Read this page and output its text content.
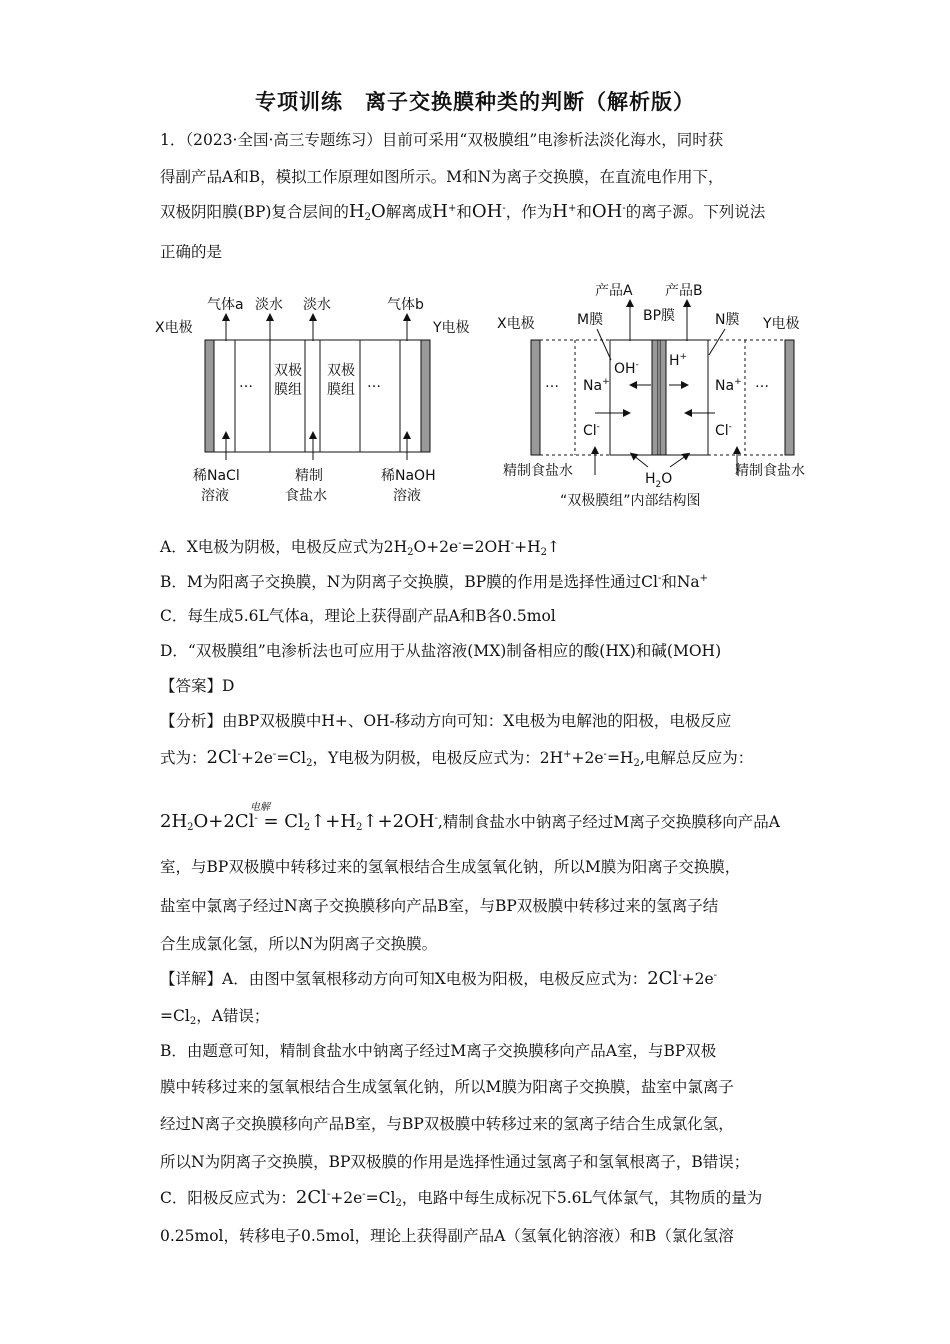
专项训练　离子交换膜种类的判断（解析版）
1．（2023·全国·高三专题练习）目前可采用“双极膜组”电渗析法淡化海水，同时获
得副产品A和B，模拟工作原理如图所示。M和N为离子交换膜，在直流电作用下，
双极阴阳膜(BP)复合层间的$H_2O$解离成H+和OH-，作为H+和OH-的离子源。下列说法
正确的是
X电极	Y电极
气体a 淡水 淡水	气体b
…
双极
膜组
双极
膜组 …
稀NaCl
溶液
精制
食盐水
稀NaOH
溶液
X电极	Y电极
产品A 产品B
M膜	BP膜	N膜
OH- H+
Na+	Na+
Cl-	Cl-
…	…
精制食盐水	精制食盐水
$H_2O$
“双极膜组”内部结构图
A．X电极为阴极，电极反应式为$2H_2O+2e^-=2OH^-+H_2↑$
B．M为阳离子交换膜，N为阴离子交换膜，BP膜的作用是选择性通过Cl-和Na+
C．每生成5.6L气体a，理论上获得副产品A和B各0.5mol
D．“双极膜组”电渗析法也可应用于从盐溶液(MX)制备相应的酸(HX)和碱(MOH)
【答案】D
【分析】由BP双极膜中H+、OH-移动方向可知：X电极为电解池的阳极，电极反应
式为：$2Cl^-+2e^-=Cl_2$，Y电极为阴极，电极反应式为：$2H^++2e^-=H_2$,电解总反应为：
电解
$2H_2O+2Cl^-$ = $Cl_2↑+H_2↑+2OH^-$,精制食盐水中钠离子经过M离子交换膜移向产品A
室，与BP双极膜中转移过来的氢氧根结合生成氢氧化钠，所以M膜为阳离子交换膜，
盐室中氯离子经过N离子交换膜移向产品B室，与BP双极膜中转移过来的氢离子结
合生成氯化氢，所以N为阴离子交换膜。
【详解】A．由图中氢氧根移动方向可知X电极为阳极，电极反应式为：2Cl-+2e-
$=Cl_2$，A错误；
B．由题意可知，精制食盐水中钠离子经过M离子交换膜移向产品A室，与BP双极
膜中转移过来的氢氧根结合生成氢氧化钠，所以M膜为阳离子交换膜，盐室中氯离子
经过N离子交换膜移向产品B室，与BP双极膜中转移过来的氢离子结合生成氯化氢，
所以N为阴离子交换膜，BP双极膜的作用是选择性通过氢离子和氢氧根离子，B错误；
C．阳极反应式为：$2Cl^-+2e^-=Cl_2$，电路中每生成标况下5.6L气体氯气，其物质的量为
0.25mol，转移电子0.5mol，理论上获得副产品A（氢氧化钠溶液）和B（氯化氢溶
